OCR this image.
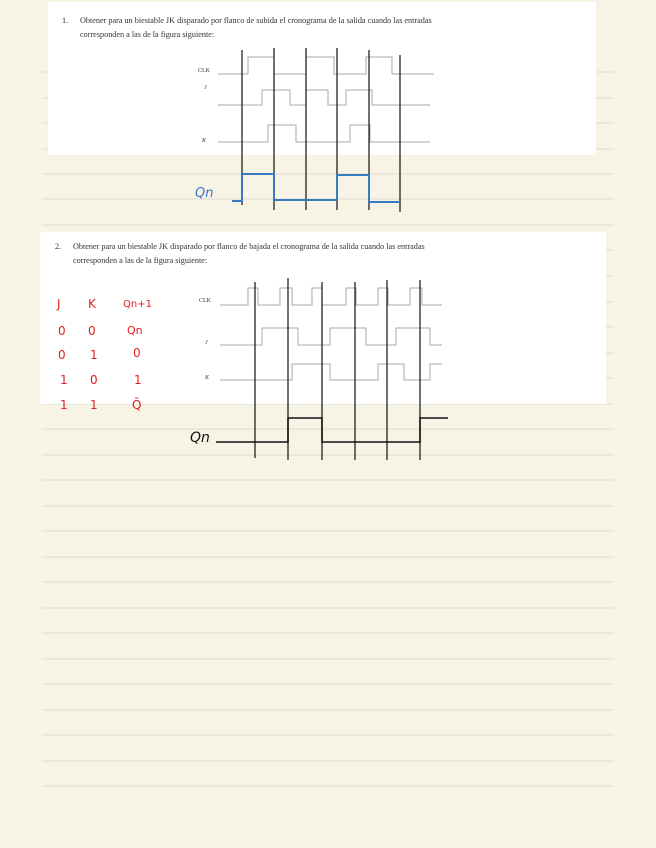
1. Obtener para un biestable JK disparado por flanco de subida el cronograma de la salida cuando las entradas
corresponden a las de la figura siguiente:
2. Obtener para un biestable JK disparado por flanco de bajada el cronograma de la salida cuando las entradas
corresponden a las de la figura siguiente:
CLK
J
K
CLK
J
K
Qn
Qn
J K	Qn+1
0 0	Qn
0 1	0
1 0	1
1 1	Q̄
